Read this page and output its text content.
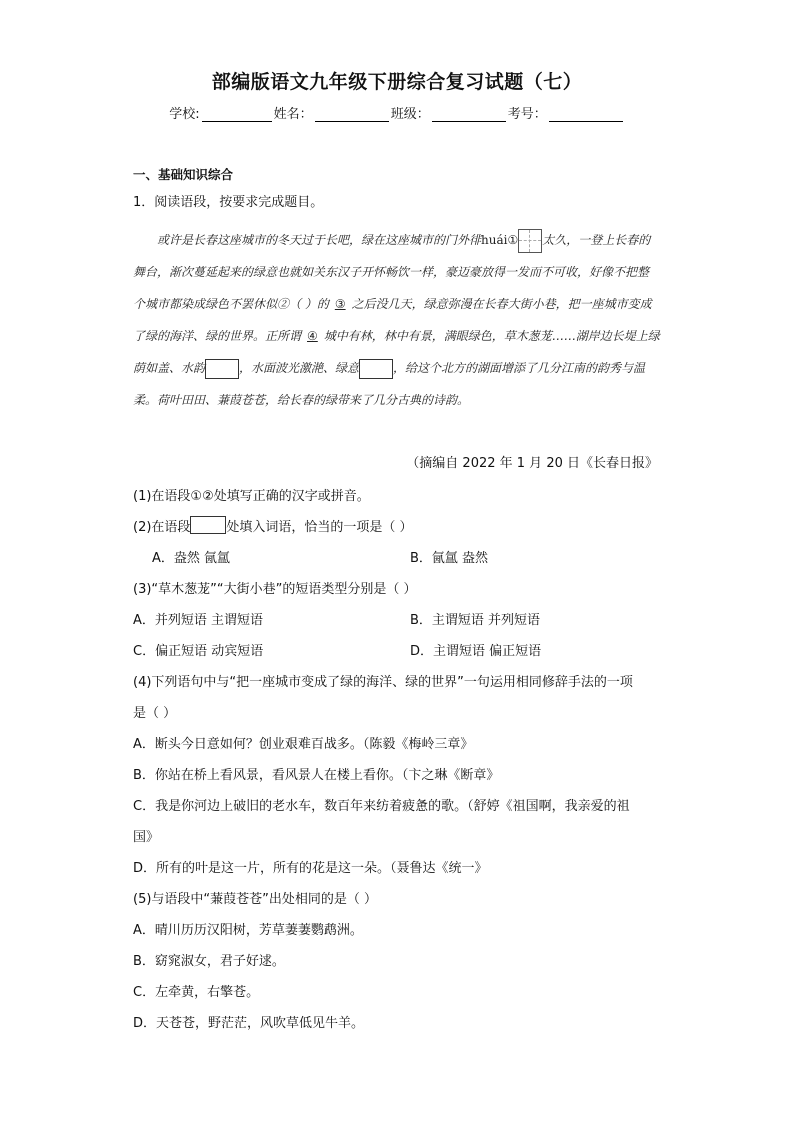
部编版语文九年级下册综合复习试题（七）
学校:	姓名：	班级：	考号：
一、基础知识综合
1．阅读语段，按要求完成题目。

或许是长春这座城市的冬天过于长吧，绿在这座城市的门外徘huái① 太久，一登上长春的舞台，渐次蔓延起来的绿意也就如关东汉子开怀畅饮一样，豪迈豪放得一发而不可收，好像不把整个城市都染成绿色不罢休似②（ ）的 ③ 之后没几天，绿意弥漫在长春大街小巷，把一座城市变成了绿的海洋、绿的世界。正所谓 ④ 城中有林，林中有景，满眼绿色，草木葱茏……湖岸边长堤上绿荫如盖、水韵	，水面波光激滟、绿意	，给这个北方的湖面增添了几分江南的韵秀与温柔。荷叶田田、蒹葭苍苍，给长春的绿带来了几分古典的诗韵。

（摘编自 2022 年 1 月 20 日《长春日报》
(1)在语段①②处填写正确的汉字或拼音。
(2)在语段	处填入词语，恰当的一项是（ ）
A．盎然 氤氲	B．氤氲 盎然
(3)“草木葱茏”“大街小巷”的短语类型分别是（ ）
A．并列短语 主谓短语	B．主谓短语 并列短语
C．偏正短语 动宾短语	D．主谓短语 偏正短语
(4)下列语句中与“把一座城市变成了绿的海洋、绿的世界”一句运用相同修辞手法的一项
是（ ）
A．断头今日意如何？创业艰难百战多。（陈毅《梅岭三章》
B．你站在桥上看风景，看风景人在楼上看你。（卞之琳《断章》
C．我是你河边上破旧的老水车，数百年来纺着疲惫的歌。（舒婷《祖国啊，我亲爱的祖
国》
D．所有的叶是这一片，所有的花是这一朵。（聂鲁达《统一》
(5)与语段中“蒹葭苍苍”出处相同的是（ ）
A．晴川历历汉阳树，芳草萋萋鹦鹉洲。
B．窈窕淑女，君子好逑。
C．左牵黄，右擎苍。
D．天苍苍，野茫茫，风吹草低见牛羊。
